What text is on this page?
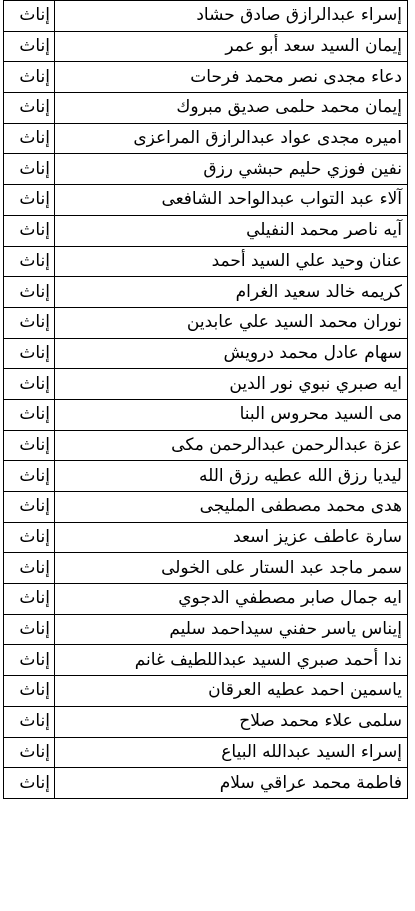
إناث	إسراء عبدالرازق صادق حشاد
إناث	إيمان السيد سعد أبو عمر
إناث	دعاء مجدى نصر محمد فرحات
إناث	إيمان محمد حلمى صديق مبروك
إناث	اميره مجدى عواد عبدالرازق المراعزى
إناث	نفين فوزي حليم حبشي رزق
إناث	آلاء عبد التواب عبدالواحد الشافعى
إناث	آيه ناصر محمد النفيلي
إناث	عنان وحيد علي السيد أحمد
إناث	كريمه خالد سعيد الغرام
إناث	نوران محمد السيد علي عابدين
إناث	سهام عادل محمد درويش
إناث	ايه صبري نبوي نور الدين
إناث	مى السيد محروس البنا
إناث	عزة عبدالرحمن عبدالرحمن مكى
إناث	ليديا رزق الله عطيه رزق الله
إناث	هدى محمد مصطفى المليجى
إناث	سارة عاطف عزيز اسعد
إناث	سمر ماجد عبد الستار على الخولى
إناث	ايه جمال صابر مصطفي الدجوي
إناث	إيناس ياسر حفني سيداحمد سليم
إناث	ندا أحمد صبري السيد عبداللطيف غانم
إناث	ياسمين احمد عطيه العرقان
إناث	سلمى علاء محمد صلاح
إناث	إسراء السيد عبدالله البياع
إناث	فاطمة محمد عراقي سلام
